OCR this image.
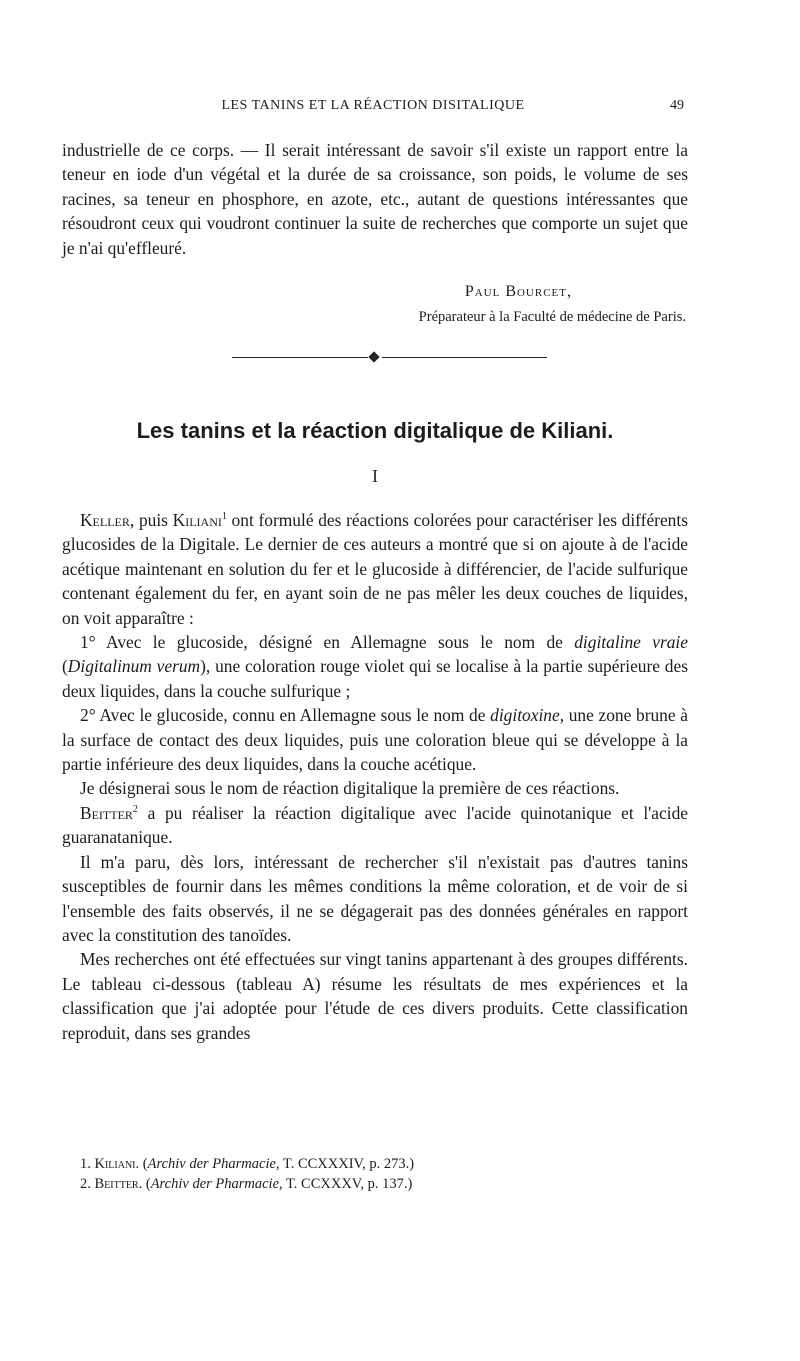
LES TANINS ET LA RÉACTION DISITALIQUE	49

industrielle de ce corps. — Il serait intéressant de savoir s'il existe un rapport entre la teneur en iode d'un végétal et la durée de sa croissance, son poids, le volume de ses racines, sa teneur en phosphore, en azote, etc., autant de questions intéressantes que résoudront ceux qui voudront continuer la suite de recherches que comporte un sujet que je n'ai qu'effleuré.

Paul Bourcet,
Préparateur à la Faculté de médecine de Paris.
Les tanins et la réaction digitalique de Kiliani.
I

Keller, puis Kiliani$^1$ ont formulé des réactions colorées pour caractériser les différents glucosides de la Digitale. Le dernier de ces auteurs a montré que si on ajoute à de l'acide acétique maintenant en solution du fer et le glucoside à différencier, de l'acide sulfurique contenant également du fer, en ayant soin de ne pas mêler les deux couches de liquides, on voit apparaître :

1° Avec le glucoside, désigné en Allemagne sous le nom de digitaline vraie (Digitalinum verum), une coloration rouge violet qui se localise à la partie supérieure des deux liquides, dans la couche sulfurique ;

2° Avec le glucoside, connu en Allemagne sous le nom de digitoxine, une zone brune à la surface de contact des deux liquides, puis une coloration bleue qui se développe à la partie inférieure des deux liquides, dans la couche acétique.

Je désignerai sous le nom de réaction digitalique la première de ces réactions.

Beitter$^2$ a pu réaliser la réaction digitalique avec l'acide quinotanique et l'acide guaranatanique.

Il m'a paru, dès lors, intéressant de rechercher s'il n'existait pas d'autres tanins susceptibles de fournir dans les mêmes conditions la même coloration, et de voir de si l'ensemble des faits observés, il ne se dégagerait pas des données générales en rapport avec la constitution des tanoïdes.

Mes recherches ont été effectuées sur vingt tanins appartenant à des groupes différents. Le tableau ci-dessous (tableau A) résume les résultats de mes expériences et la classification que j'ai adoptée pour l'étude de ces divers produits. Cette classification reproduit, dans ses grandes

1. Kiliani. (Archiv der Pharmacie, T. CCXXXIV, p. 273.)

2. Beitter. (Archiv der Pharmacie, T. CCXXXV, p. 137.)
